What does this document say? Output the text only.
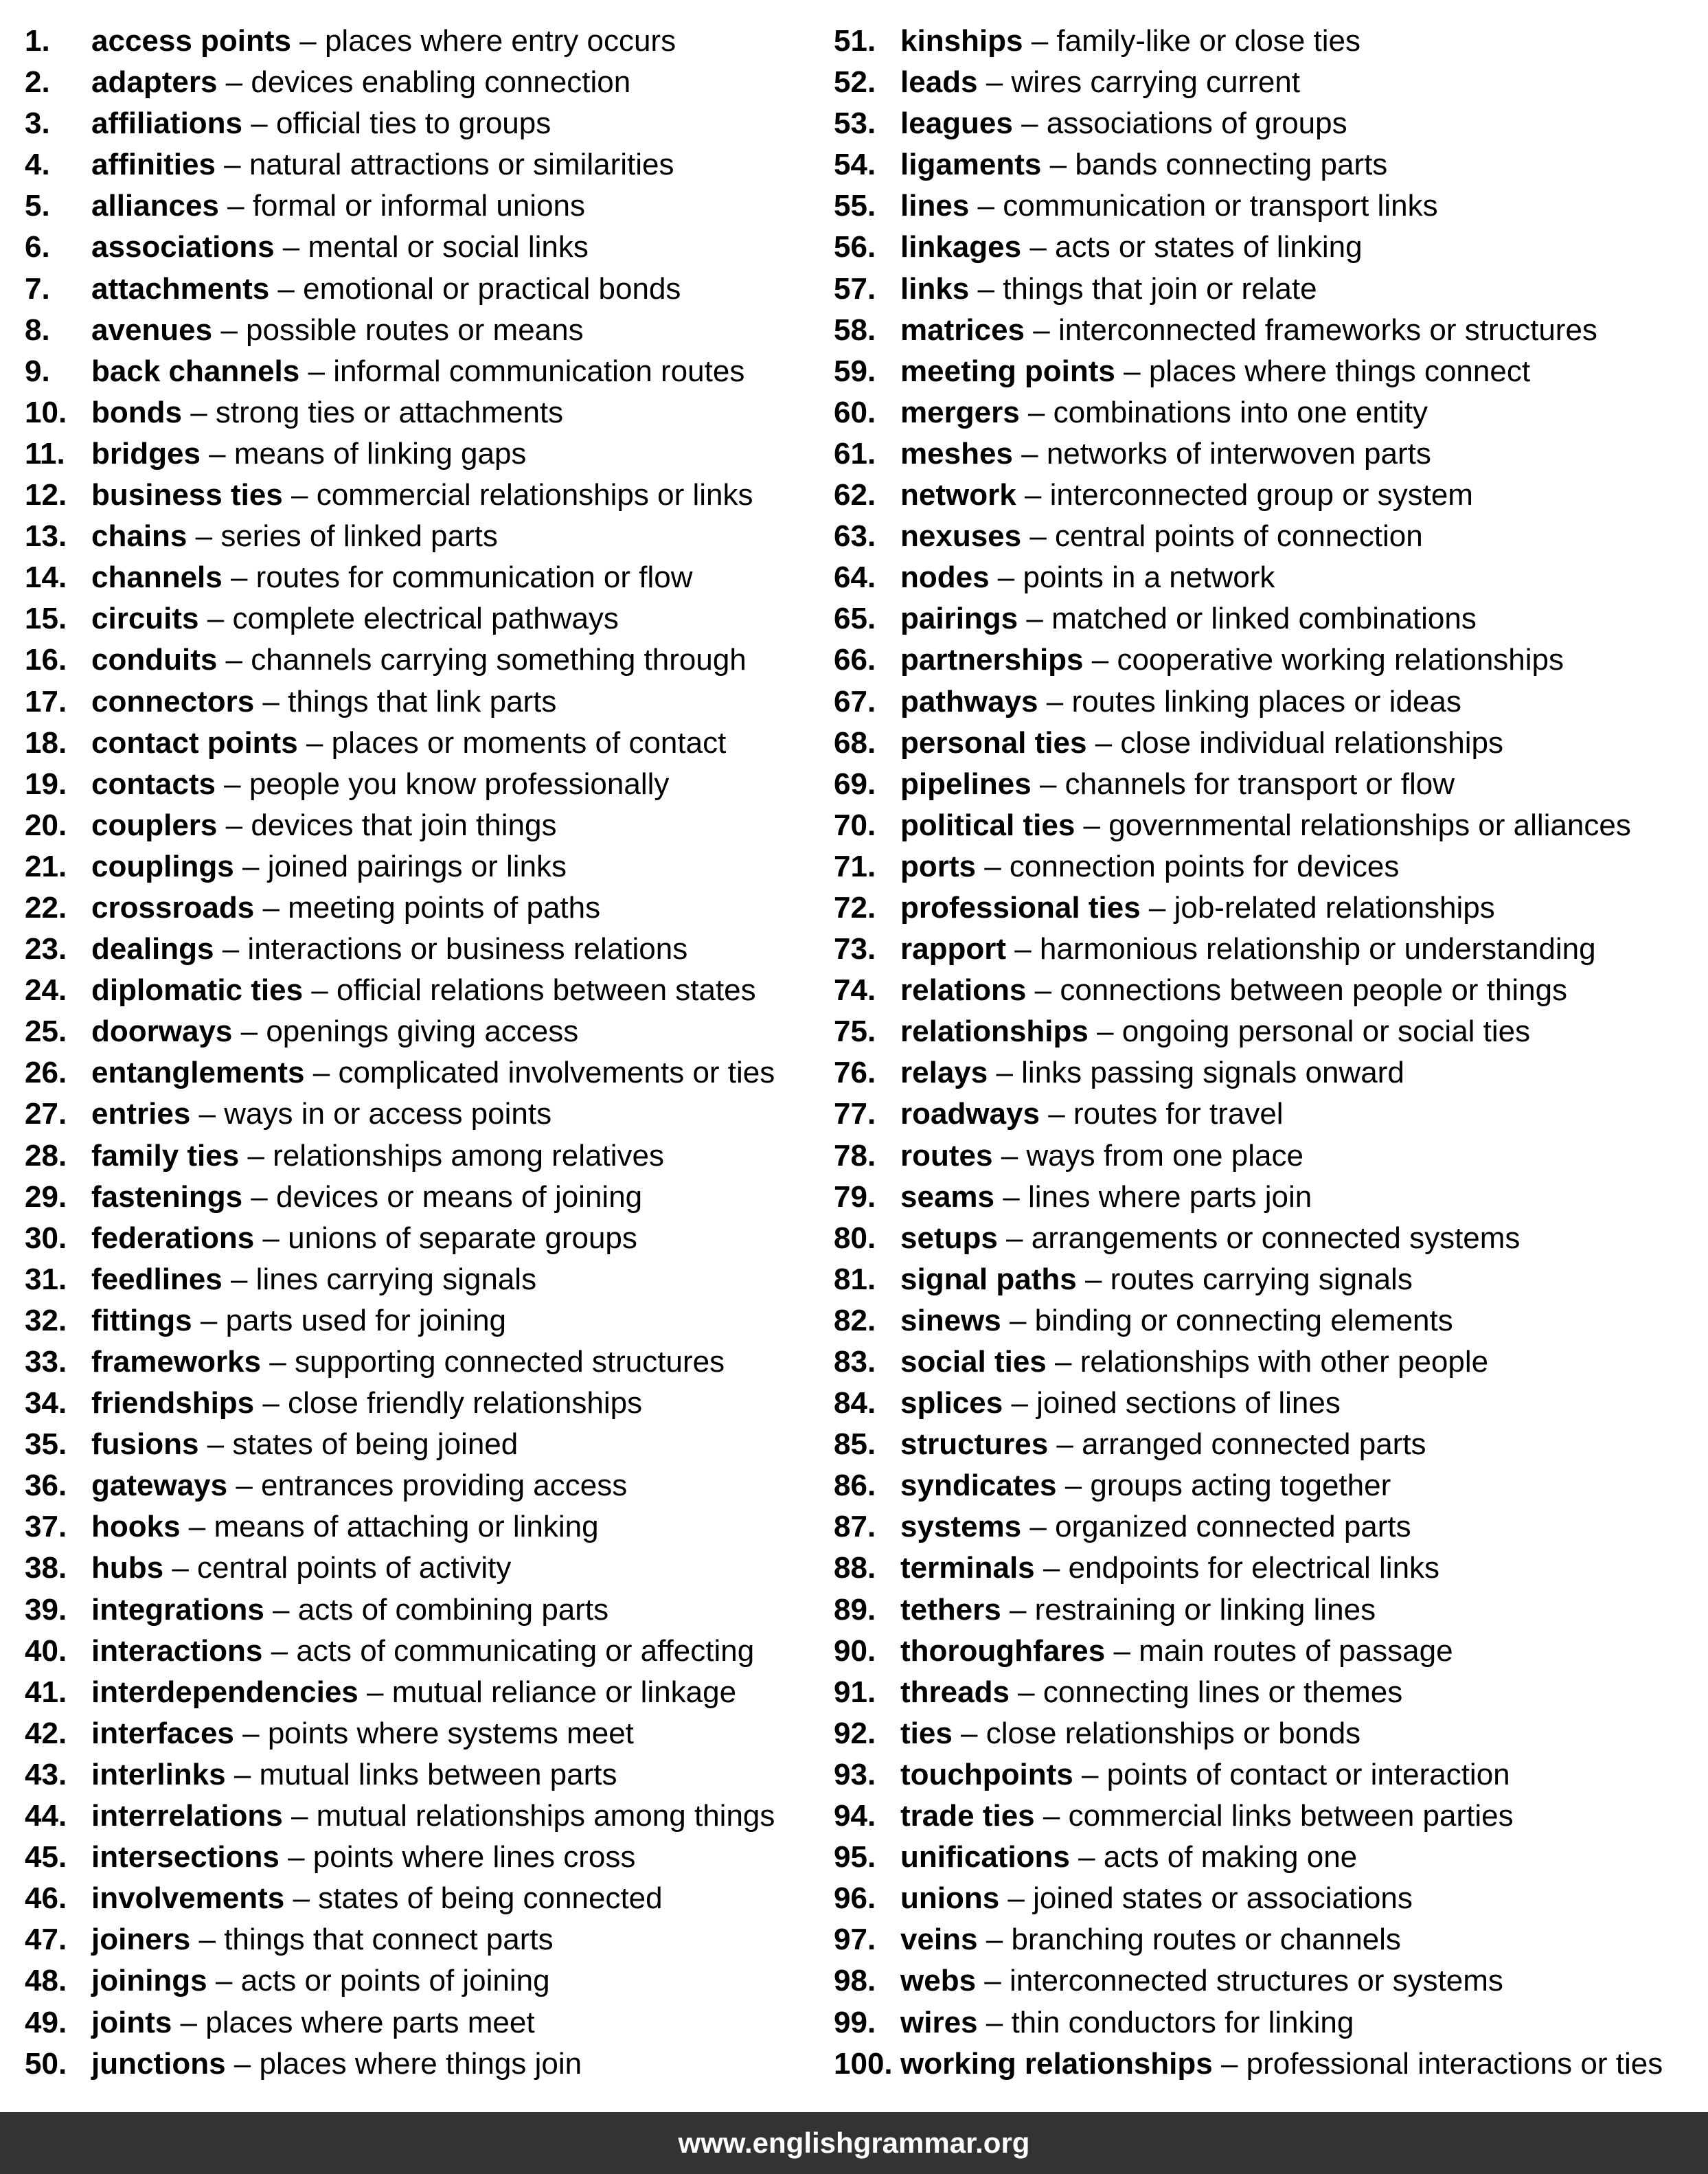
1. access points – places where entry occurs
2. adapters – devices enabling connection
3. affiliations – official ties to groups
4. affinities – natural attractions or similarities
5. alliances – formal or informal unions
6. associations – mental or social links
7. attachments – emotional or practical bonds
8. avenues – possible routes or means
9. back channels – informal communication routes
10. bonds – strong ties or attachments
11. bridges – means of linking gaps
12. business ties – commercial relationships or links
13. chains – series of linked parts
14. channels – routes for communication or flow
15. circuits – complete electrical pathways
16. conduits – channels carrying something through
17. connectors – things that link parts
18. contact points – places or moments of contact
19. contacts – people you know professionally
20. couplers – devices that join things
21. couplings – joined pairings or links
22. crossroads – meeting points of paths
23. dealings – interactions or business relations
24. diplomatic ties – official relations between states
25. doorways – openings giving access
26. entanglements – complicated involvements or ties
27. entries – ways in or access points
28. family ties – relationships among relatives
29. fastenings – devices or means of joining
30. federations – unions of separate groups
31. feedlines – lines carrying signals
32. fittings – parts used for joining
33. frameworks – supporting connected structures
34. friendships – close friendly relationships
35. fusions – states of being joined
36. gateways – entrances providing access
37. hooks – means of attaching or linking
38. hubs – central points of activity
39. integrations – acts of combining parts
40. interactions – acts of communicating or affecting
41. interdependencies – mutual reliance or linkage
42. interfaces – points where systems meet
43. interlinks – mutual links between parts
44. interrelations – mutual relationships among things
45. intersections – points where lines cross
46. involvements – states of being connected
47. joiners – things that connect parts
48. joinings – acts or points of joining
49. joints – places where parts meet
50. junctions – places where things join
51. kinships – family-like or close ties
52. leads – wires carrying current
53. leagues – associations of groups
54. ligaments – bands connecting parts
55. lines – communication or transport links
56. linkages – acts or states of linking
57. links – things that join or relate
58. matrices – interconnected frameworks or structures
59. meeting points – places where things connect
60. mergers – combinations into one entity
61. meshes – networks of interwoven parts
62. network – interconnected group or system
63. nexuses – central points of connection
64. nodes – points in a network
65. pairings – matched or linked combinations
66. partnerships – cooperative working relationships
67. pathways – routes linking places or ideas
68. personal ties – close individual relationships
69. pipelines – channels for transport or flow
70. political ties – governmental relationships or alliances
71. ports – connection points for devices
72. professional ties – job-related relationships
73. rapport – harmonious relationship or understanding
74. relations – connections between people or things
75. relationships – ongoing personal or social ties
76. relays – links passing signals onward
77. roadways – routes for travel
78. routes – ways from one place
79. seams – lines where parts join
80. setups – arrangements or connected systems
81. signal paths – routes carrying signals
82. sinews – binding or connecting elements
83. social ties – relationships with other people
84. splices – joined sections of lines
85. structures – arranged connected parts
86. syndicates – groups acting together
87. systems – organized connected parts
88. terminals – endpoints for electrical links
89. tethers – restraining or linking lines
90. thoroughfares – main routes of passage
91. threads – connecting lines or themes
92. ties – close relationships or bonds
93. touchpoints – points of contact or interaction
94. trade ties – commercial links between parties
95. unifications – acts of making one
96. unions – joined states or associations
97. veins – branching routes or channels
98. webs – interconnected structures or systems
99. wires – thin conductors for linking
100. working relationships – professional interactions or ties
www.englishgrammar.org
